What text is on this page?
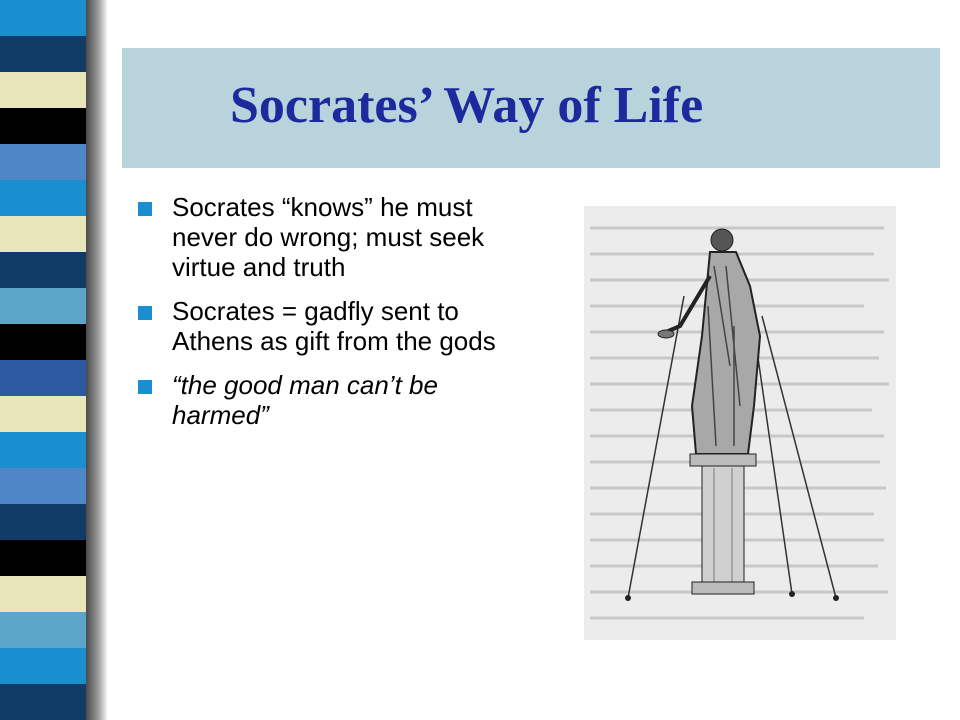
Socrates’ Way of Life
Socrates “knows” he must never do wrong; must seek virtue and truth
Socrates = gadfly sent to Athens as gift from the gods
“the good man can’t be harmed”
